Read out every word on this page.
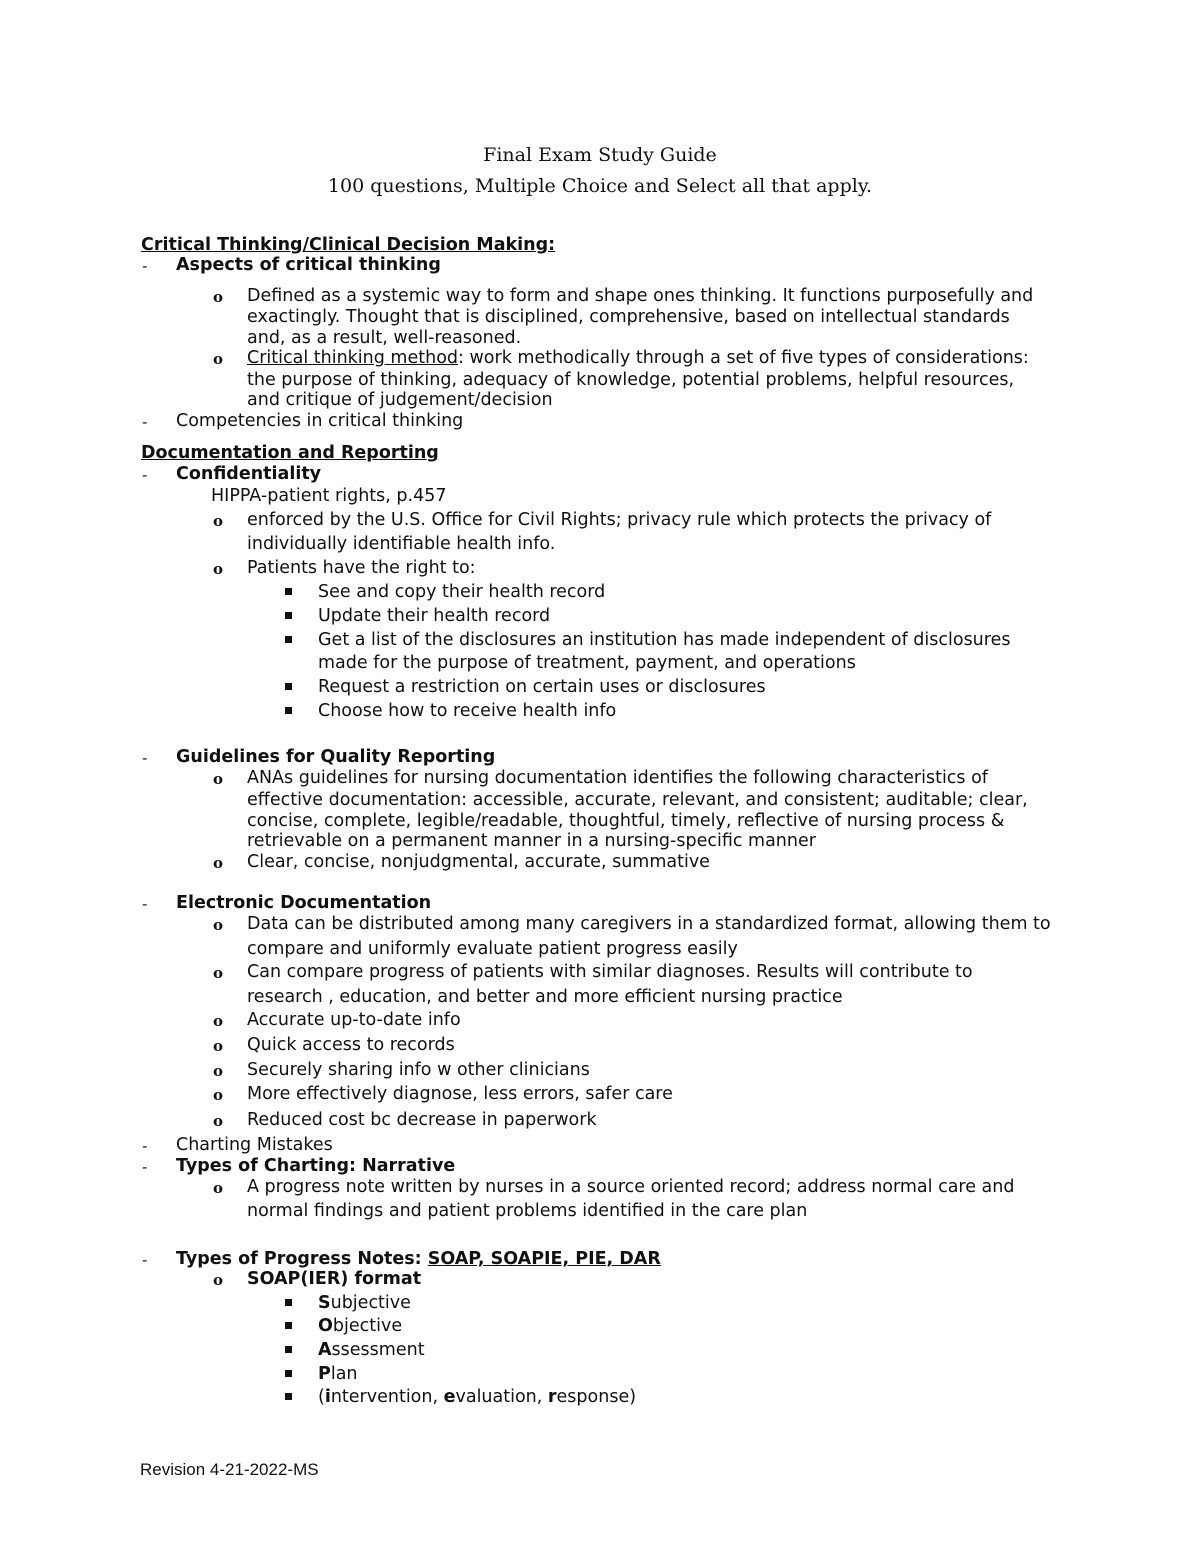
Final Exam Study Guide
100 questions, Multiple Choice and Select all that apply.
Critical Thinking/Clinical Decision Making:
- Aspects of critical thinking
o Defined as a systemic way to form and shape ones thinking. It functions purposefully and
exactingly. Thought that is disciplined, comprehensive, based on intellectual standards
and, as a result, well-reasoned.
o Critical thinking method: work methodically through a set of five types of considerations:
the purpose of thinking, adequacy of knowledge, potential problems, helpful resources,
and critique of judgement/decision
- Competencies in critical thinking
Documentation and Reporting
- Confidentiality
HIPPA-patient rights, p.457
o enforced by the U.S. Office for Civil Rights; privacy rule which protects the privacy of
individually identifiable health info.
o Patients have the right to:
See and copy their health record
Update their health record
Get a list of the disclosures an institution has made independent of disclosures
made for the purpose of treatment, payment, and operations
Request a restriction on certain uses or disclosures
Choose how to receive health info
- Guidelines for Quality Reporting
o ANAs guidelines for nursing documentation identifies the following characteristics of
effective documentation: accessible, accurate, relevant, and consistent; auditable; clear,
concise, complete, legible/readable, thoughtful, timely, reflective of nursing process &
retrievable on a permanent manner in a nursing-specific manner
o Clear, concise, nonjudgmental, accurate, summative
- Electronic Documentation
o Data can be distributed among many caregivers in a standardized format, allowing them to
compare and uniformly evaluate patient progress easily
o Can compare progress of patients with similar diagnoses. Results will contribute to
research , education, and better and more efficient nursing practice
o Accurate up-to-date info
o Quick access to records
o Securely sharing info w other clinicians
o More effectively diagnose, less errors, safer care
o Reduced cost bc decrease in paperwork
- Charting Mistakes
- Types of Charting: Narrative
o A progress note written by nurses in a source oriented record; address normal care and
normal findings and patient problems identified in the care plan
- Types of Progress Notes: SOAP, SOAPIE, PIE, DAR
o SOAP(IER) format
Subjective
Objective
Assessment
Plan
(intervention, evaluation, response)
Revision 4-21-2022-MS
